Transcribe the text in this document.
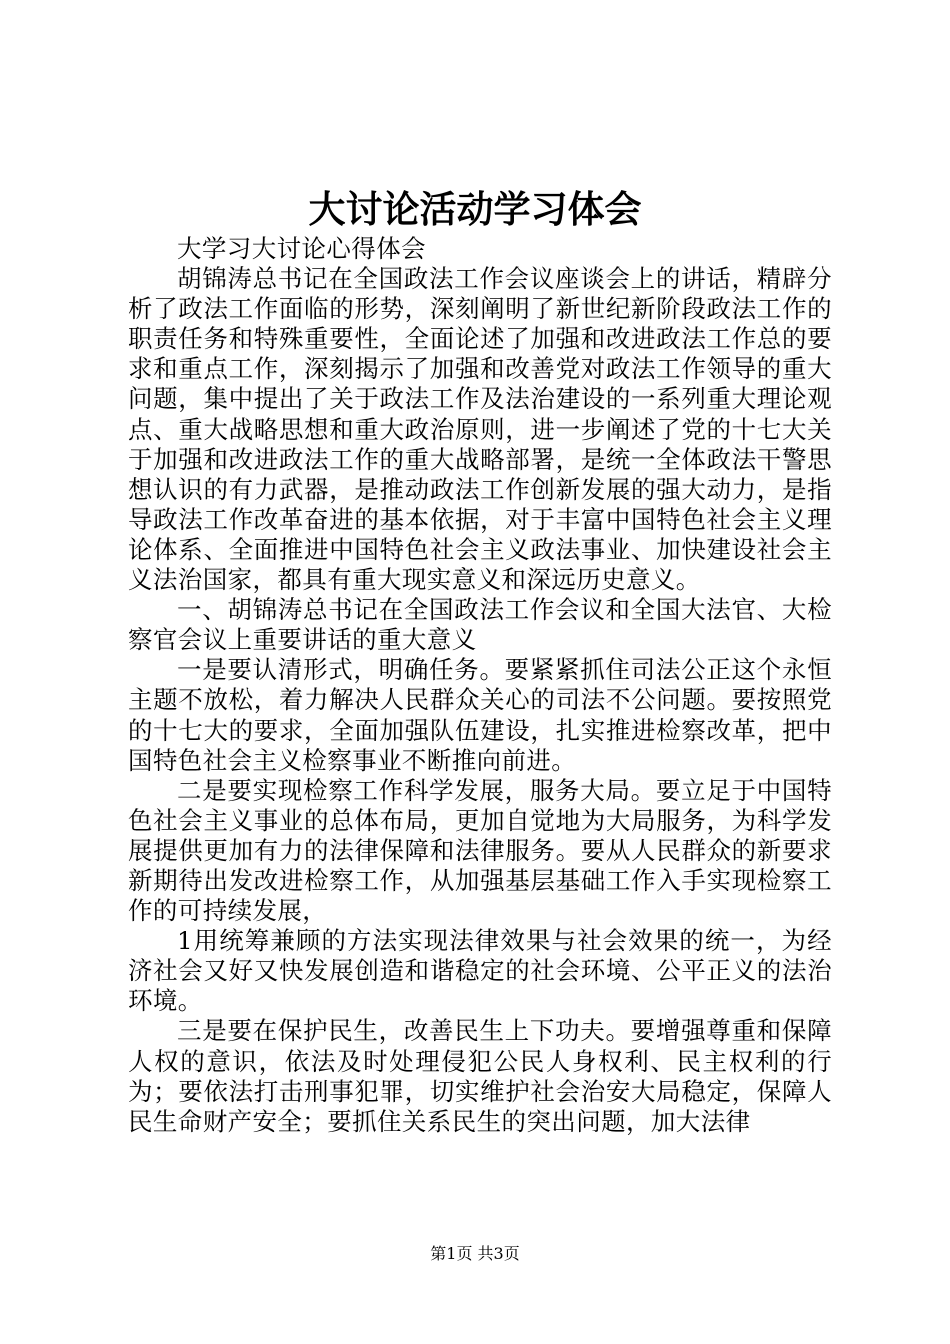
大讨论活动学习体会

大学习大讨论心得体会

胡锦涛总书记在全国政法工作会议座谈会上的讲话，精辟分析了政法工作面临的形势，深刻阐明了新世纪新阶段政法工作的职责任务和特殊重要性，全面论述了加强和改进政法工作总的要求和重点工作，深刻揭示了加强和改善党对政法工作领导的重大问题，集中提出了关于政法工作及法治建设的一系列重大理论观点、重大战略思想和重大政治原则，进一步阐述了党的十七大关于加强和改进政法工作的重大战略部署，是统一全体政法干警思想认识的有力武器，是推动政法工作创新发展的强大动力，是指导政法工作改革奋进的基本依据，对于丰富中国特色社会主义理论体系、全面推进中国特色社会主义政法事业、加快建设社会主义法治国家，都具有重大现实意义和深远历史意义。

一、胡锦涛总书记在全国政法工作会议和全国大法官、大检察官会议上重要讲话的重大意义

一是要认清形式，明确任务。要紧紧抓住司法公正这个永恒主题不放松，着力解决人民群众关心的司法不公问题。要按照党的十七大的要求，全面加强队伍建设，扎实推进检察改革，把中国特色社会主义检察事业不断推向前进。

二是要实现检察工作科学发展，服务大局。要立足于中国特色社会主义事业的总体布局，更加自觉地为大局服务，为科学发展提供更加有力的法律保障和法律服务。要从人民群众的新要求新期待出发改进检察工作，从加强基层基础工作入手实现检察工作的可持续发展，

1用统筹兼顾的方法实现法律效果与社会效果的统一，为经济社会又好又快发展创造和谐稳定的社会环境、公平正义的法治环境。

三是要在保护民生，改善民生上下功夫。要增强尊重和保障人权的意识，依法及时处理侵犯公民人身权利、民主权利的行为；要依法打击刑事犯罪，切实维护社会治安大局稳定，保障人民生命财产安全；要抓住关系民生的突出问题，加大法律

第1页 共3页
